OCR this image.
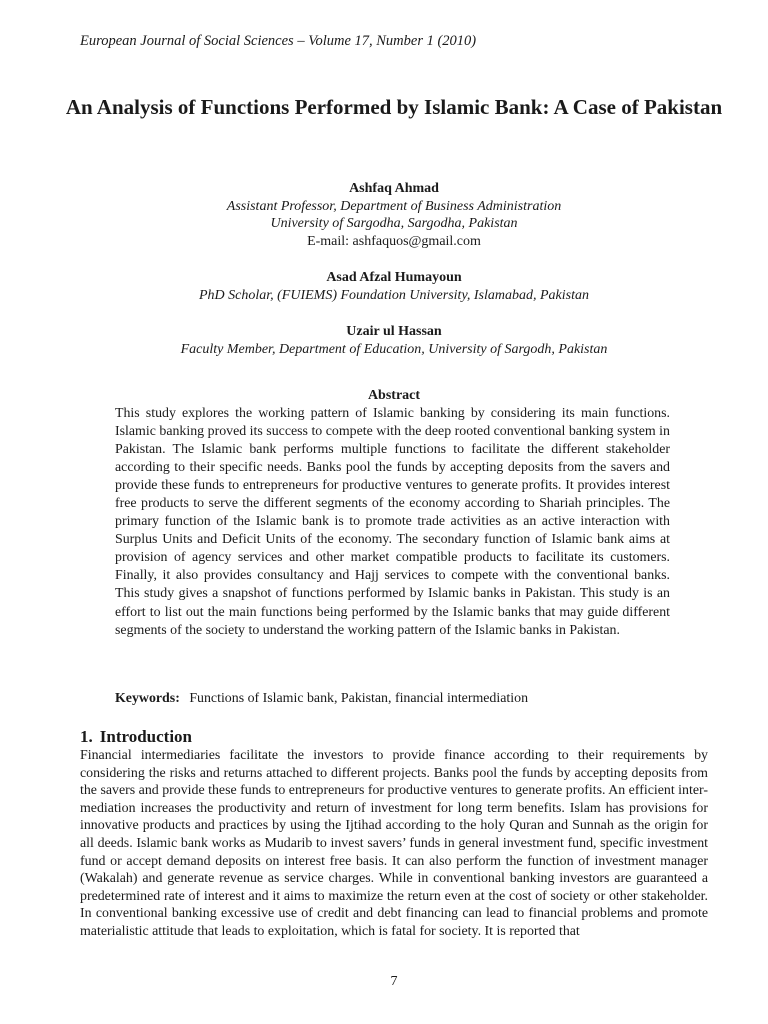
European Journal of Social Sciences – Volume 17, Number 1 (2010)
An Analysis of Functions Performed by Islamic Bank: A Case of Pakistan
Ashfaq Ahmad
Assistant Professor, Department of Business Administration
University of Sargodha, Sargodha, Pakistan
E-mail: ashfaquos@gmail.com
Asad Afzal Humayoun
PhD Scholar, (FUIEMS) Foundation University, Islamabad, Pakistan
Uzair ul Hassan
Faculty Member, Department of Education, University of Sargodh, Pakistan
Abstract
This study explores the working pattern of Islamic banking by considering its main functions. Islamic banking proved its success to compete with the deep rooted conventional banking system in Pakistan. The Islamic bank performs multiple functions to facilitate the different stakeholder according to their specific needs. Banks pool the funds by accepting deposits from the savers and provide these funds to entrepreneurs for productive ventures to generate profits. It provides interest free products to serve the different segments of the economy according to Shariah principles. The primary function of the Islamic bank is to promote trade activities as an active interaction with Surplus Units and Deficit Units of the economy. The secondary function of Islamic bank aims at provision of agency services and other market compatible products to facilitate its customers. Finally, it also provides consultancy and Hajj services to compete with the conventional banks. This study gives a snapshot of functions performed by Islamic banks in Pakistan. This study is an effort to list out the main functions being performed by the Islamic banks that may guide different segments of the society to understand the working pattern of the Islamic banks in Pakistan.
Keywords: Functions of Islamic bank, Pakistan, financial intermediation
1. Introduction
Financial intermediaries facilitate the investors to provide finance according to their requirements by considering the risks and returns attached to different projects. Banks pool the funds by accepting deposits from the savers and provide these funds to entrepreneurs for productive ventures to generate profits. An efficient inter-mediation increases the productivity and return of investment for long term benefits. Islam has provisions for innovative products and practices by using the Ijtihad according to the holy Quran and Sunnah as the origin for all deeds. Islamic bank works as Mudarib to invest savers’ funds in general investment fund, specific investment fund or accept demand deposits on interest free basis. It can also perform the function of investment manager (Wakalah) and generate revenue as service charges. While in conventional banking investors are guaranteed a predetermined rate of interest and it aims to maximize the return even at the cost of society or other stakeholder. In conventional banking excessive use of credit and debt financing can lead to financial problems and promote materialistic attitude that leads to exploitation, which is fatal for society. It is reported that
7
